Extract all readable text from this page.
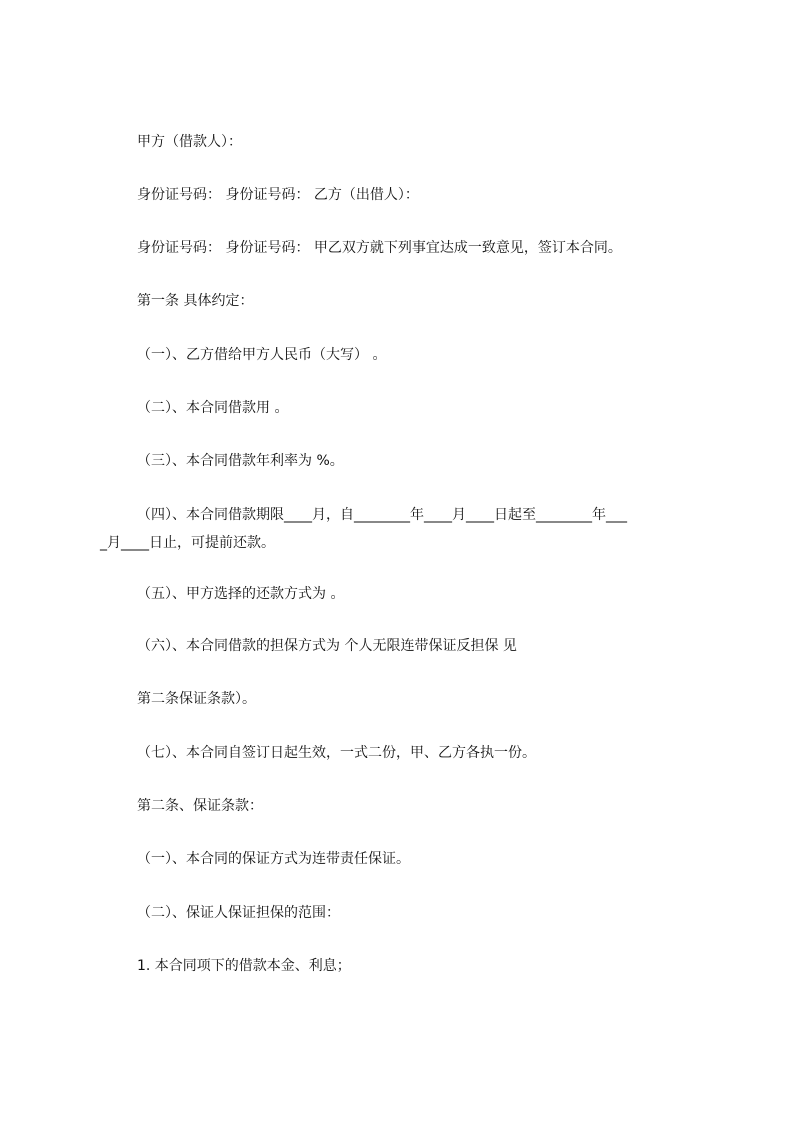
甲方（借款人）：
身份证号码： 身份证号码： 乙方（出借人）：
身份证号码： 身份证号码： 甲乙双方就下列事宜达成一致意见，签订本合同。
第一条 具体约定：
（一）、乙方借给甲方人民币（大写） 。
（二）、本合同借款用 。
（三）、本合同借款年利率为 %。
（四）、本合同借款期限____月，自________年____月____日起至________年___
_月____日止，可提前还款。
（五）、甲方选择的还款方式为 。
（六）、本合同借款的担保方式为 个人无限连带保证反担保 见
第二条保证条款）。
（七）、本合同自签订日起生效，一式二份，甲、乙方各执一份。
第二条、保证条款：
（一）、本合同的保证方式为连带责任保证。
（二）、保证人保证担保的范围：
1. 本合同项下的借款本金、利息；
